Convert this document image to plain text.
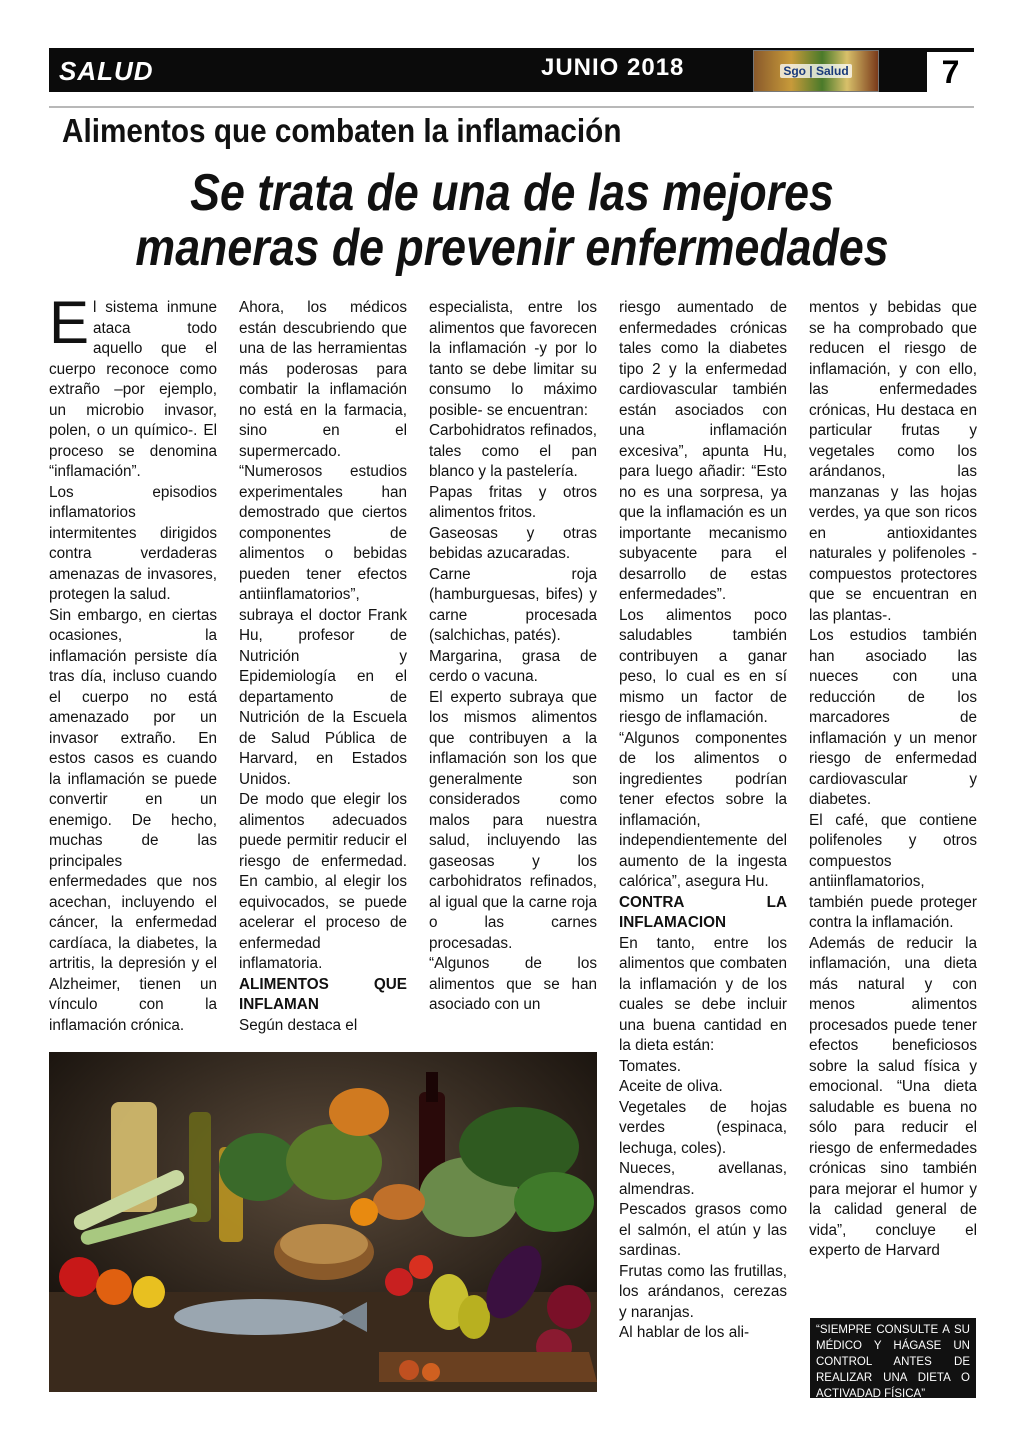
SALUD	JUNIO 2018	Sgo | Salud	7
Alimentos que combaten la inflamación
Se trata de una de las mejores
maneras de prevenir enfermedades

El sistema inmune ataca todo aquello que el cuerpo reconoce como extraño –por ejemplo, un microbio invasor, polen, o un químico-. El proceso se denomina “inflamación”.

Los episodios inflamatorios intermitentes dirigidos contra verdaderas amenazas de invasores, protegen la salud.

Sin embargo, en ciertas ocasiones, la inflamación persiste día tras día, incluso cuando el cuerpo no está amenazado por un invasor extraño. En estos casos es cuando la inflamación se puede convertir en un enemigo. De hecho, muchas de las principales enfermedades que nos acechan, incluyendo el cáncer, la enfermedad cardíaca, la diabetes, la artritis, la depresión y el Alzheimer, tienen un vínculo con la inflamación crónica.

Ahora, los médicos están descubriendo que una de las herramientas más poderosas para combatir la inflamación no está en la farmacia, sino en el supermercado.

“Numerosos estudios experimentales han demostrado que ciertos componentes de alimentos o bebidas pueden tener efectos antiinflamatorios”, subraya el doctor Frank Hu, profesor de Nutrición y Epidemiología en el departamento de Nutrición de la Escuela de Salud Pública de Harvard, en Estados Unidos.

De modo que elegir los alimentos adecuados puede permitir reducir el riesgo de enfermedad. En cambio, al elegir los equivocados, se puede acelerar el proceso de enfermedad inflamatoria.

ALIMENTOS QUE INFLAMAN

Según destaca el

especialista, entre los alimentos que favorecen la inflamación -y por lo tanto se debe limitar su consumo lo máximo posible- se encuentran:

Carbohidratos refinados, tales como el pan blanco y la pastelería.

Papas fritas y otros alimentos fritos.

Gaseosas y otras bebidas azucaradas.

Carne roja (hamburguesas, bifes) y carne procesada (salchichas, patés).

Margarina, grasa de cerdo o vacuna.

El experto subraya que los mismos alimentos que contribuyen a la inflamación son los que generalmente son considerados como malos para nuestra salud, incluyendo las gaseosas y los carbohidratos refinados, al igual que la carne roja o las carnes procesadas.

“Algunos de los alimentos que se han asociado con un

riesgo aumentado de enfermedades crónicas tales como la diabetes tipo 2 y la enfermedad cardiovascular también están asociados con una inflamación excesiva”, apunta Hu, para luego añadir: “Esto no es una sorpresa, ya que la inflamación es un importante mecanismo subyacente para el desarrollo de estas enfermedades”.

Los alimentos poco saludables también contribuyen a ganar peso, lo cual es en sí mismo un factor de riesgo de inflamación.

“Algunos componentes de los alimentos o ingredientes podrían tener efectos sobre la inflamación, independientemente del aumento de la ingesta calórica”, asegura Hu.

CONTRA LA INFLAMACION

En tanto, entre los alimentos que combaten la inflamación y de los cuales se debe incluir una buena cantidad en la dieta están:

Tomates.

Aceite de oliva.

Vegetales de hojas verdes (espinaca, lechuga, coles).

Nueces, avellanas, almendras.

Pescados grasos como el salmón, el atún y las sardinas.

Frutas como las frutillas, los arándanos, cerezas y naranjas.

Al hablar de los ali-

mentos y bebidas que se ha comprobado que reducen el riesgo de inflamación, y con ello, las enfermedades crónicas, Hu destaca en particular frutas y vegetales como los arándanos, las manzanas y las hojas verdes, ya que son ricos en antioxidantes naturales y polifenoles -compuestos protectores que se encuentran en las plantas-.

Los estudios también han asociado las nueces con una reducción de los marcadores de inflamación y un menor riesgo de enfermedad cardiovascular y diabetes.

El café, que contiene polifenoles y otros compuestos antiinflamatorios, también puede proteger contra la inflamación.

Además de reducir la inflamación, una dieta más natural y con menos alimentos procesados puede tener efectos beneficiosos sobre la salud física y emocional. “Una dieta saludable es buena no sólo para reducir el riesgo de enfermedades crónicas sino también para mejorar el humor y la calidad general de vida”, concluye el experto de Harvard

“SIEMPRE CONSULTE A SU MÉDICO Y HÁGASE UN CONTROL ANTES DE REALIZAR UNA DIETA O ACTIVADAD FÍSICA”
